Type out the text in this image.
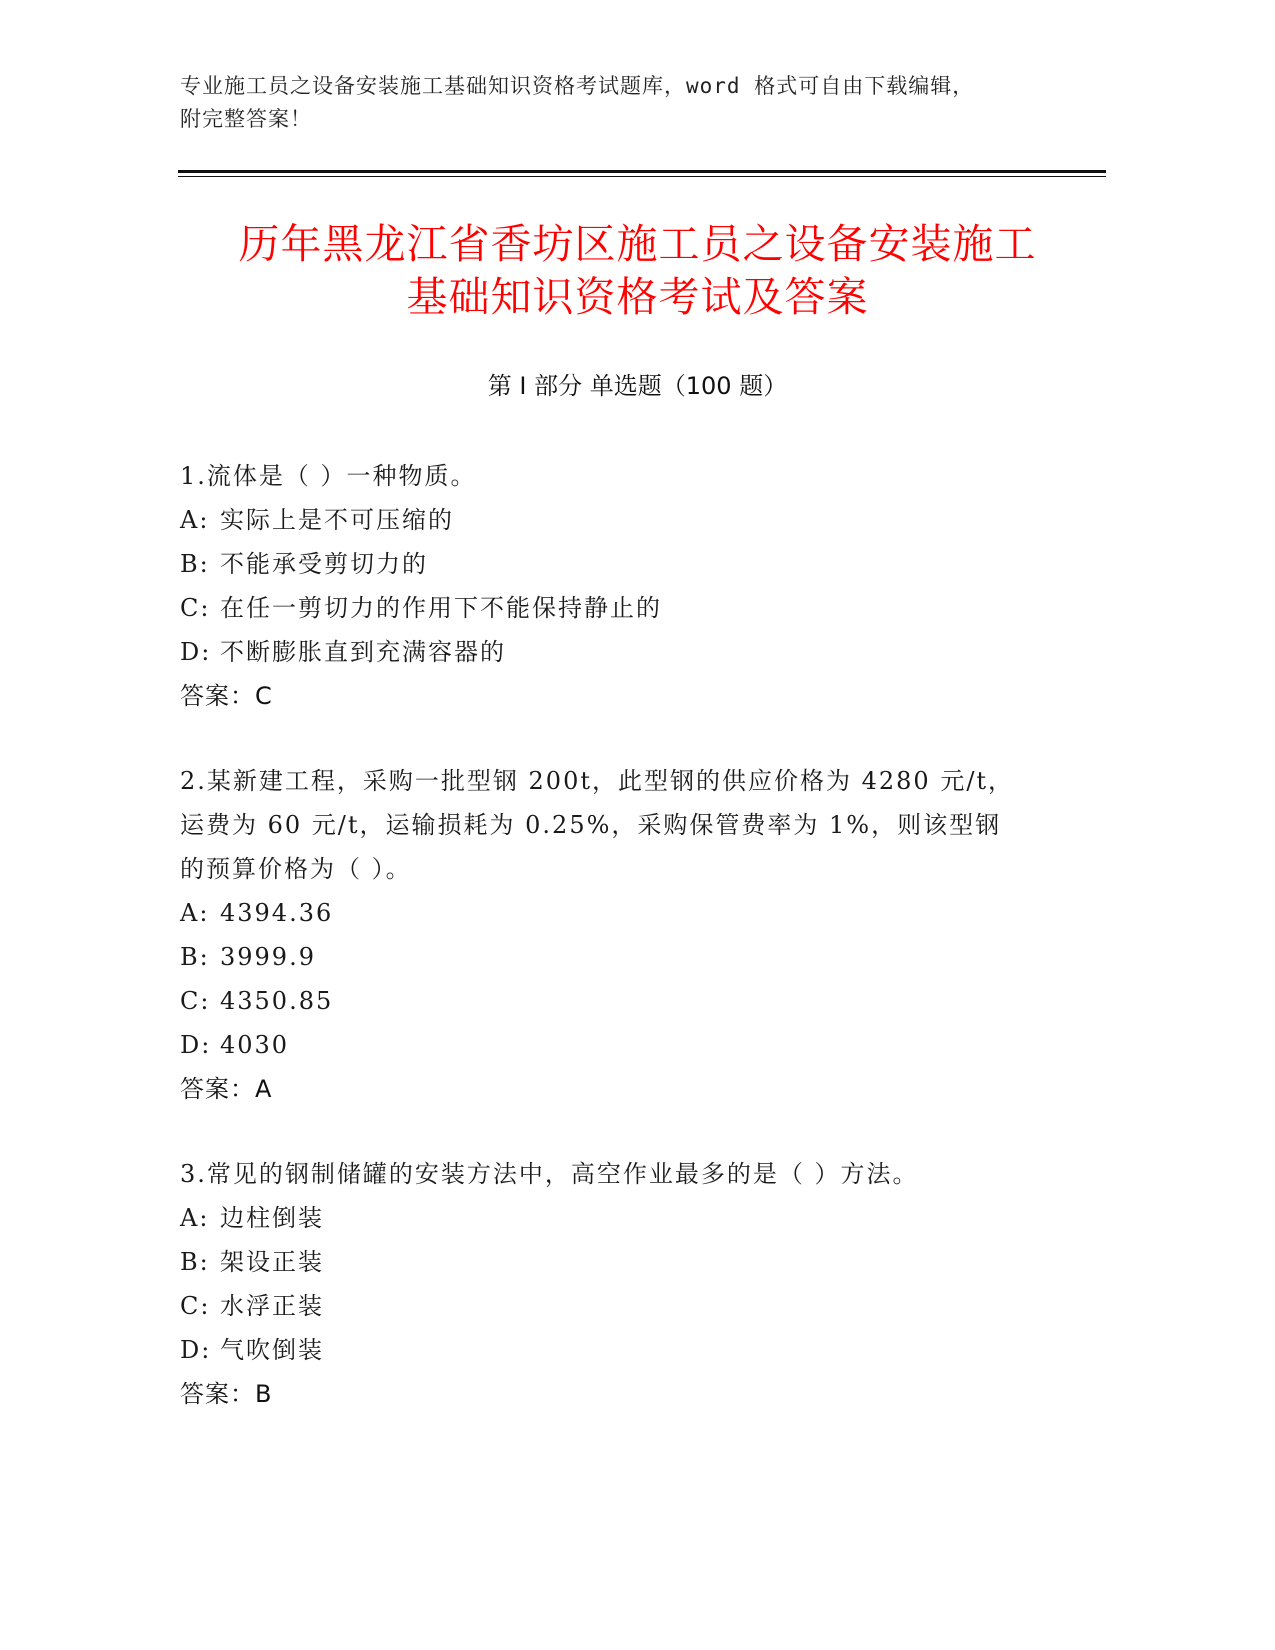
专业施工员之设备安装施工基础知识资格考试题库，word 格式可自由下载编辑，
附完整答案！
历年黑龙江省香坊区施工员之设备安装施工
基础知识资格考试及答案
第 I 部分 单选题（100 题）
1.流体是（ ）一种物质。
A: 实际上是不可压缩的
B: 不能承受剪切力的
C: 在任一剪切力的作用下不能保持静止的
D: 不断膨胀直到充满容器的
答案：C
2.某新建工程，采购一批型钢 200t，此型钢的供应价格为 4280 元/t，
运费为 60 元/t，运输损耗为 0.25%，采购保管费率为 1%，则该型钢
的预算价格为（ ）。
A: 4394.36
B: 3999.9
C: 4350.85
D: 4030
答案：A
3.常见的钢制储罐的安装方法中，高空作业最多的是（ ）方法。
A: 边柱倒装
B: 架设正装
C: 水浮正装
D: 气吹倒装
答案：B
